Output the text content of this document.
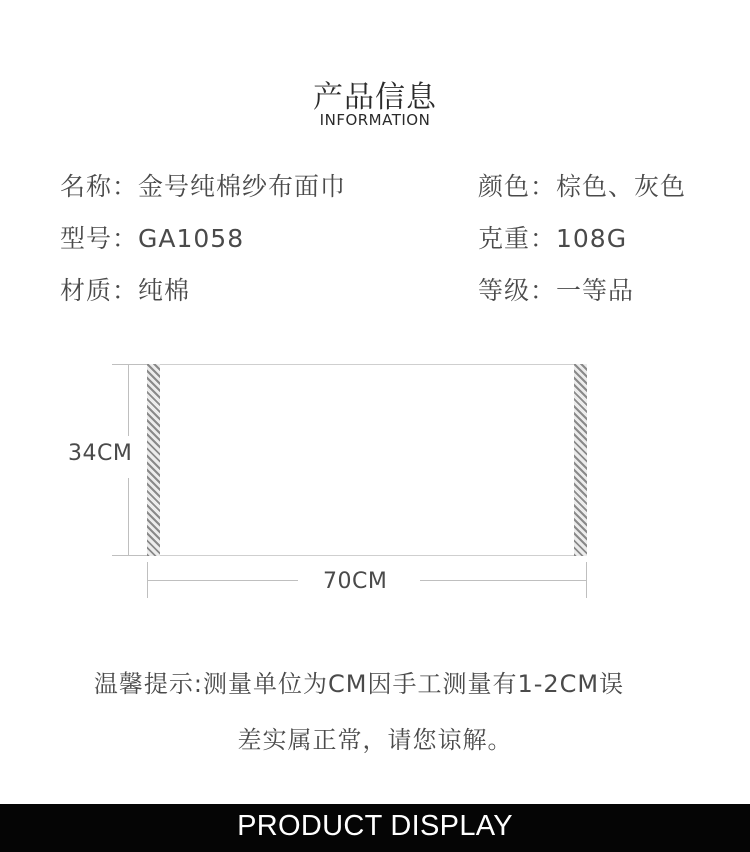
产品信息
INFORMATION
名称：金号纯棉纱布面巾	颜色：棕色、灰色
型号：GA1058	克重：108G
材质：纯棉	等级：一等品
34CM
70CM
温馨提示:测量单位为CM因手工测量有1-2CM误
差实属正常，请您谅解。
PRODUCT DISPLAY
